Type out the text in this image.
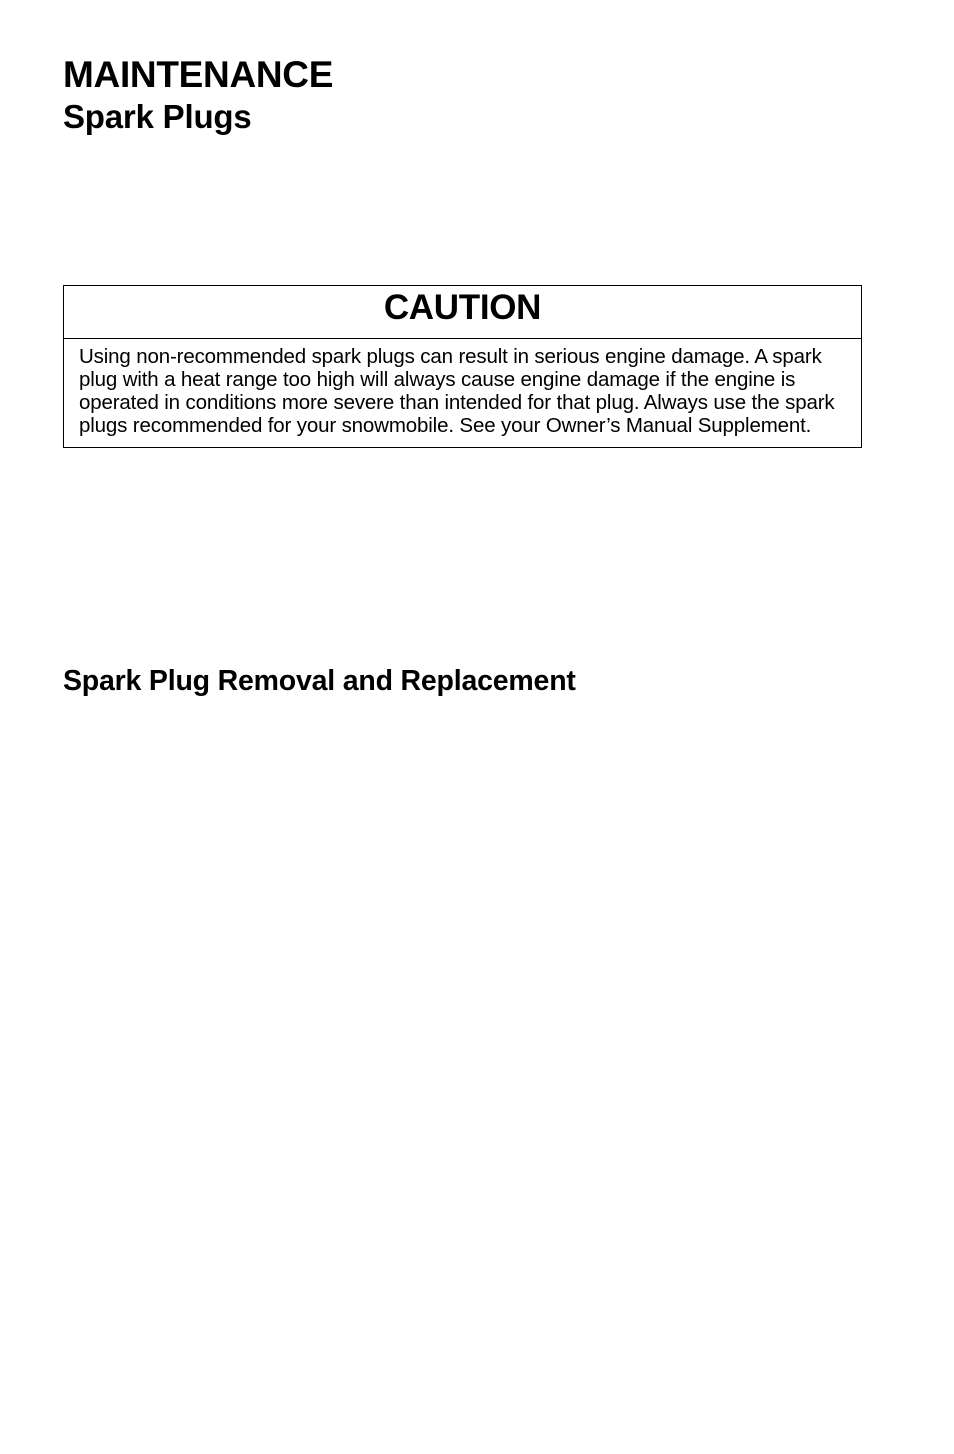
MAINTENANCE
Spark Plugs
CAUTION
Using non-recommended spark plugs can result in serious engine damage. A spark plug with a heat range too high will always cause engine damage if the engine is operated in conditions more severe than intended for that plug. Always use the spark plugs recommended for your snowmobile. See your Owner’s Manual Supplement.
Spark Plug Removal and Replacement
